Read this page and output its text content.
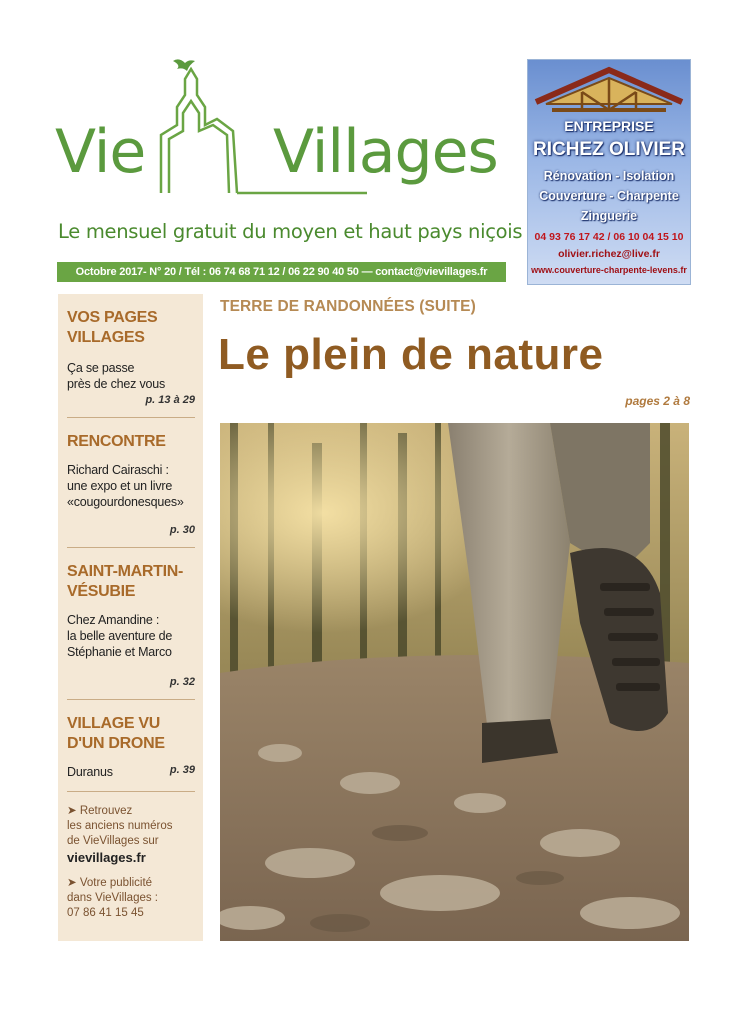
Vie Villages
Le mensuel gratuit du moyen et haut pays niçois
Octobre 2017- N° 20 / Tél : 06 74 68 71 12 / 06 22 90 40 50 — contact@vievillages.fr
ENTREPRISE
RICHEZ OLIVIER
Rénovation - Isolation
Couverture - Charpente
Zinguerie
04 93 76 17 42 / 06 10 04 15 10
olivier.richez@live.fr
www.couverture-charpente-levens.fr
VOS PAGES
VILLAGES
Ça se passe
près de chez vous
p. 13 à 29
RENCONTRE
Richard Cairaschi :
une expo et un livre
«cougourdonesques»
p. 30
SAINT-MARTIN-
VÉSUBIE
Chez Amandine :
la belle aventure de
Stéphanie et Marco
p. 32
VILLAGE VU
D'UN DRONE
Duranus	p. 39
➤ Retrouvez
les anciens numéros
de VieVillages sur
vievillages.fr
➤ Votre publicité
dans VieVillages :
07 86 41 15 45
TERRE DE RANDONNÉES (SUITE)
Le plein de nature
pages 2 à 8
